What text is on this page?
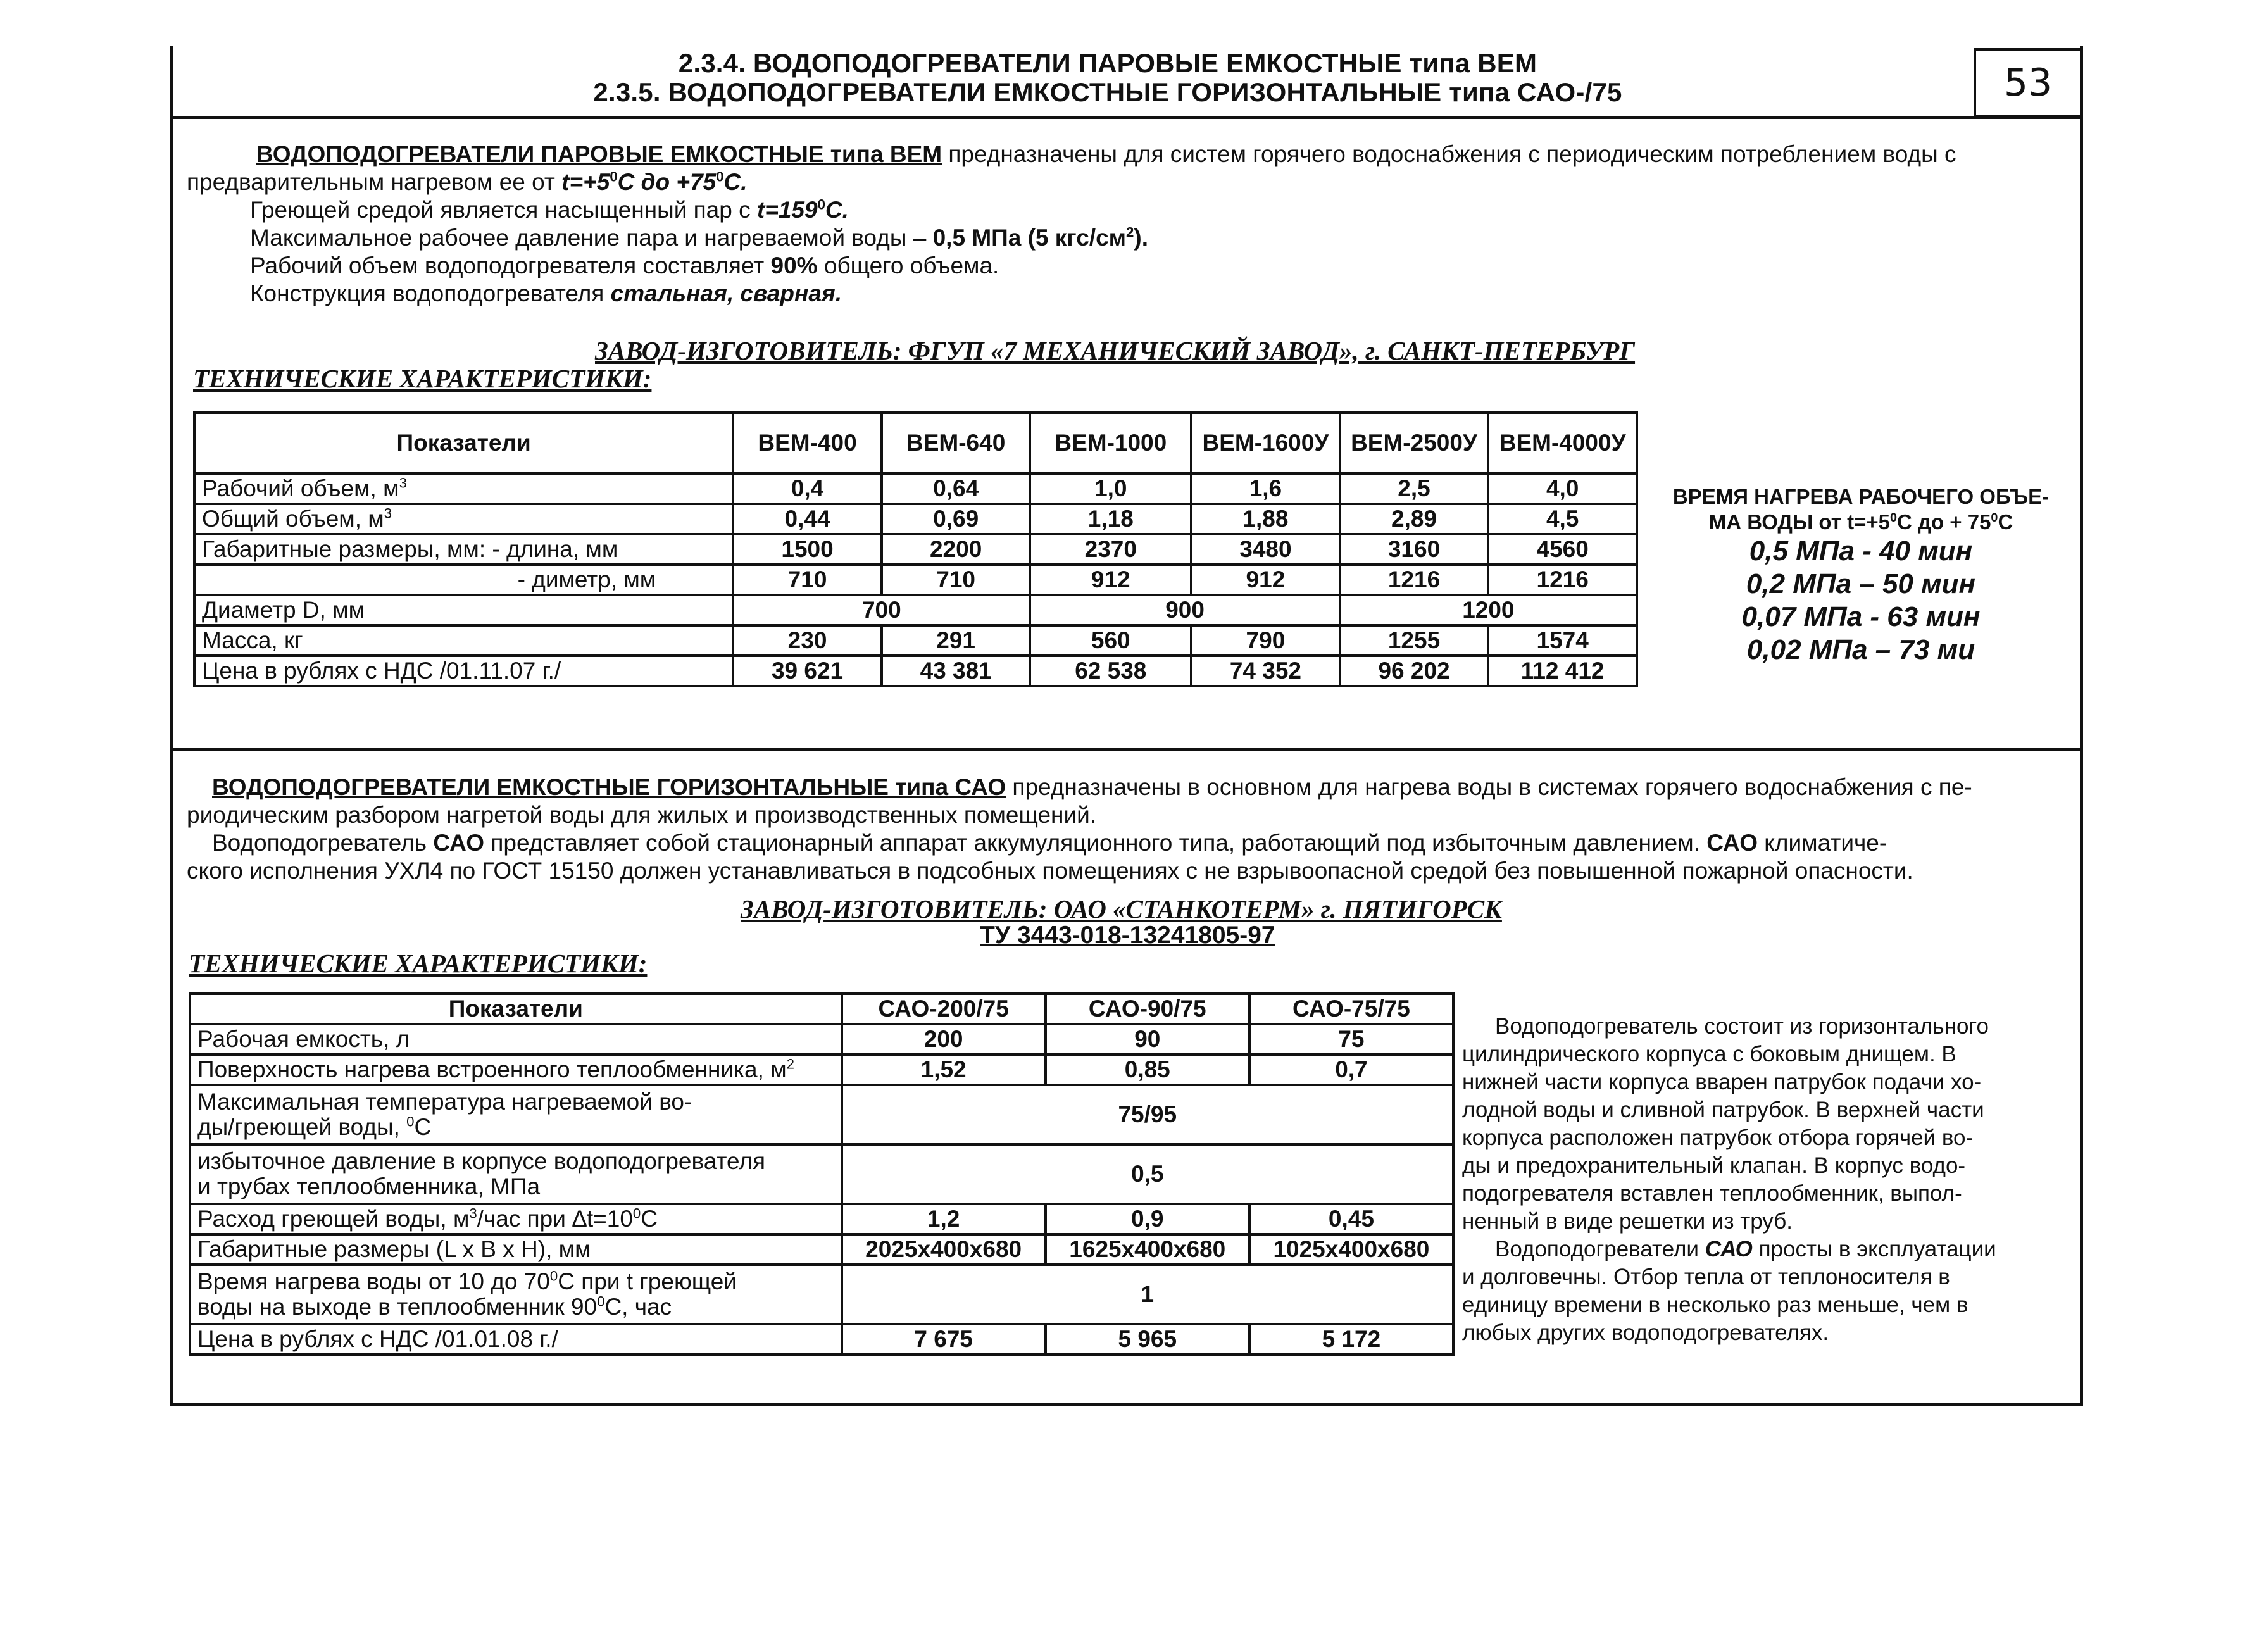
2.3.4. ВОДОПОДОГРЕВАТЕЛИ ПАРОВЫЕ ЕМКОСТНЫЕ типа ВЕМ
2.3.5. ВОДОПОДОГРЕВАТЕЛИ ЕМКОСТНЫЕ ГОРИЗОНТАЛЬНЫЕ типа САО-/75	53
ВОДОПОДОГРЕВАТЕЛИ ПАРОВЫЕ ЕМКОСТНЫЕ типа ВЕМ предназначены для систем горячего водоснабжения с периодическим потреблением воды с
предварительным нагревом ее от $t=+5^0С$ до $+75^0С$.
Греющей средой является насыщенный пар с $t=159^0С$.
Максимальное рабочее давление пара и нагреваемой воды – 0,5 МПа (5 кгс/$см^2$).
Рабочий объем водоподогревателя составляет 90% общего объема.
Конструкция водоподогревателя стальная, сварная.
ЗАВОД-ИЗГОТОВИТЕЛЬ: ФГУП «7 МЕХАНИЧЕСКИЙ ЗАВОД», г. САНКТ-ПЕТЕРБУРГ
ТЕХНИЧЕСКИЕ ХАРАКТЕРИСТИКИ:
Показатели	ВЕМ-400	ВЕМ-640	ВЕМ-1000	ВЕМ-1600У	ВЕМ-2500У	ВЕМ-4000У
Рабочий объем, $м^3$	0,4	0,64	1,0	1,6	2,5	4,0
Общий объем, $м^3$	0,44	0,69	1,18	1,88	2,89	4,5
Габаритные размеры, мм: - длина, мм	1500	2200	2370	3480	3160	4560
- диметр, мм	710	710	912	912	1216	1216
Диаметр D, мм	700		900		1200	
Масса, кг	230	291	560	790	1255	1574
Цена в рублях с НДС /01.11.07 г./	39 621	43 381	62 538	74 352	96 202	112 412
ВРЕМЯ НАГРЕВА РАБОЧЕГО ОБЪЕ-
МА ВОДЫ от $t=+5^0С$ до + $75^0С$
0,5 МПа - 40 мин
0,2 МПа – 50 мин
0,07 МПа - 63 мин
0,02 МПа – 73 ми
ВОДОПОДОГРЕВАТЕЛИ ЕМКОСТНЫЕ ГОРИЗОНТАЛЬНЫЕ типа САО предназначены в основном для нагрева воды в системах горячего водоснабжения с пе-
риодическим разбором нагретой воды для жилых и производственных помещений.
Водоподогреватель САО представляет собой стационарный аппарат аккумуляционного типа, работающий под избыточным давлением. САО климатиче-
ского исполнения УХЛ4 по ГОСТ 15150 должен устанавливаться в подсобных помещениях с не взрывоопасной средой без повышенной пожарной опасности.
ЗАВОД-ИЗГОТОВИТЕЛЬ: ОАО «СТАНКОТЕРМ» г. ПЯТИГОРСК
ТУ 3443-018-13241805-97
ТЕХНИЧЕСКИЕ ХАРАКТЕРИСТИКИ:
Показатели	САО-200/75	САО-90/75	САО-75/75
Рабочая емкость, л	200	90	75
Поверхность нагрева встроенного теплообменника, $м^2$	1,52	0,85	0,7

Максимальная температура нагреваемой во-
ды/греющей воды, $^0$С	75/95		

избыточное давление в корпусе водоподогревателя
и трубах теплообменника, МПа	0,5		
Расход греющей воды, $м^3$/час при $\Delta t=10^0С$	1,2	0,9	0,45
Габаритные размеры (L x B x H), мм	2025x400x680	1625x400x680	1025x400x680

Время нагрева воды от 10 до $70^0С$ при t греющей
воды на выходе в теплообменник $90^0С$, час	1		
Цена в рублях с НДС /01.01.08 г./	7 675	5 965	5 172
Водоподогреватель состоит из горизонтального
цилиндрического корпуса с боковым днищем. В
нижней части корпуса вварен патрубок подачи хо-
лодной воды и сливной патрубок. В верхней части
корпуса расположен патрубок отбора горячей во-
ды и предохранительный клапан. В корпус водо-
подогревателя вставлен теплообменник, выпол-
ненный в виде решетки из труб.
Водоподогреватели САО просты в эксплуатации
и долговечны. Отбор тепла от теплоносителя в
единицу времени в несколько раз меньше, чем в
любых других водоподогревателях.
